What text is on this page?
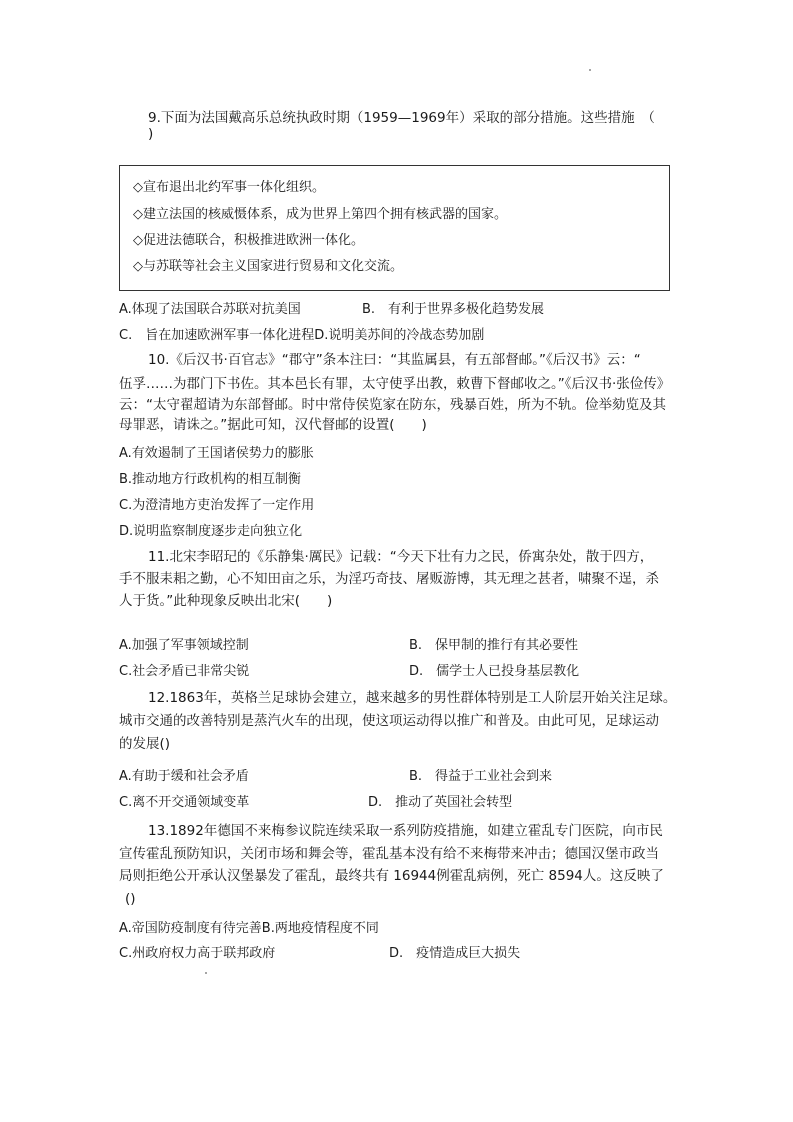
9.下面为法国戴高乐总统执政时期（1959—1969年）采取的部分措施。这些措施　（
)
◇宣布退出北约军事一体化组织。
◇建立法国的核威慑体系，成为世界上第四个拥有核武器的国家。
◇促进法德联合，积极推进欧洲一体化。
◇与苏联等社会主义国家进行贸易和文化交流。
A.体现了法国联合苏联对抗美国	B.　有利于世界多极化趋势发展
C.　旨在加速欧洲军事一体化进程D.说明美苏间的冷战态势加剧
10.《后汉书·百官志》“郡守”条本注曰：“其监属县，有五部督邮。”《后汉书》云：“
伍孚……为郡门下书佐。其本邑长有罪，太守使孚出教，敕曹下督邮收之。”《后汉书·张俭传》
云：“太守翟超请为东部督邮。时中常侍侯览家在防东，残暴百姓，所为不轨。俭举劾览及其
母罪恶，请诛之。”据此可知，汉代督邮的设置(　　)
A.有效遏制了王国诸侯势力的膨胀
B.推动地方行政机构的相互制衡
C.为澄清地方吏治发挥了一定作用
D.说明监察制度逐步走向独立化
11.北宋李昭玘的《乐静集·厲民》记载：“今天下壮有力之民，侨寓杂处，散于四方，
手不服耒耜之勤，心不知田亩之乐，为淫巧奇技、屠贩游博，其无理之甚者，啸聚不逞，杀
人于货。”此种现象反映出北宋(　　)
A.加强了军事领域控制	B.　保甲制的推行有其必要性
C.社会矛盾已非常尖锐	D.　儒学士人已投身基层教化
12.1863年，英格兰足球协会建立，越来越多的男性群体特别是工人阶层开始关注足球。
城市交通的改善特别是蒸汽火车的出现，使这项运动得以推广和普及。由此可见，足球运动
的发展()
A.有助于缓和社会矛盾	B.　得益于工业社会到来
C.离不开交通领域变革	D.　推动了英国社会转型
13.1892年德国不来梅参议院连续采取一系列防疫措施，如建立霍乱专门医院，向市民
宣传霍乱预防知识，关闭市场和舞会等，霍乱基本没有给不来梅带来冲击；德国汉堡市政当
局则拒绝公开承认汉堡暴发了霍乱，最终共有 16944例霍乱病例，死亡 8594人。这反映了
()
A.帝国防疫制度有待完善B.两地疫情程度不同
C.州政府权力高于联邦政府	D.　疫情造成巨大损失
